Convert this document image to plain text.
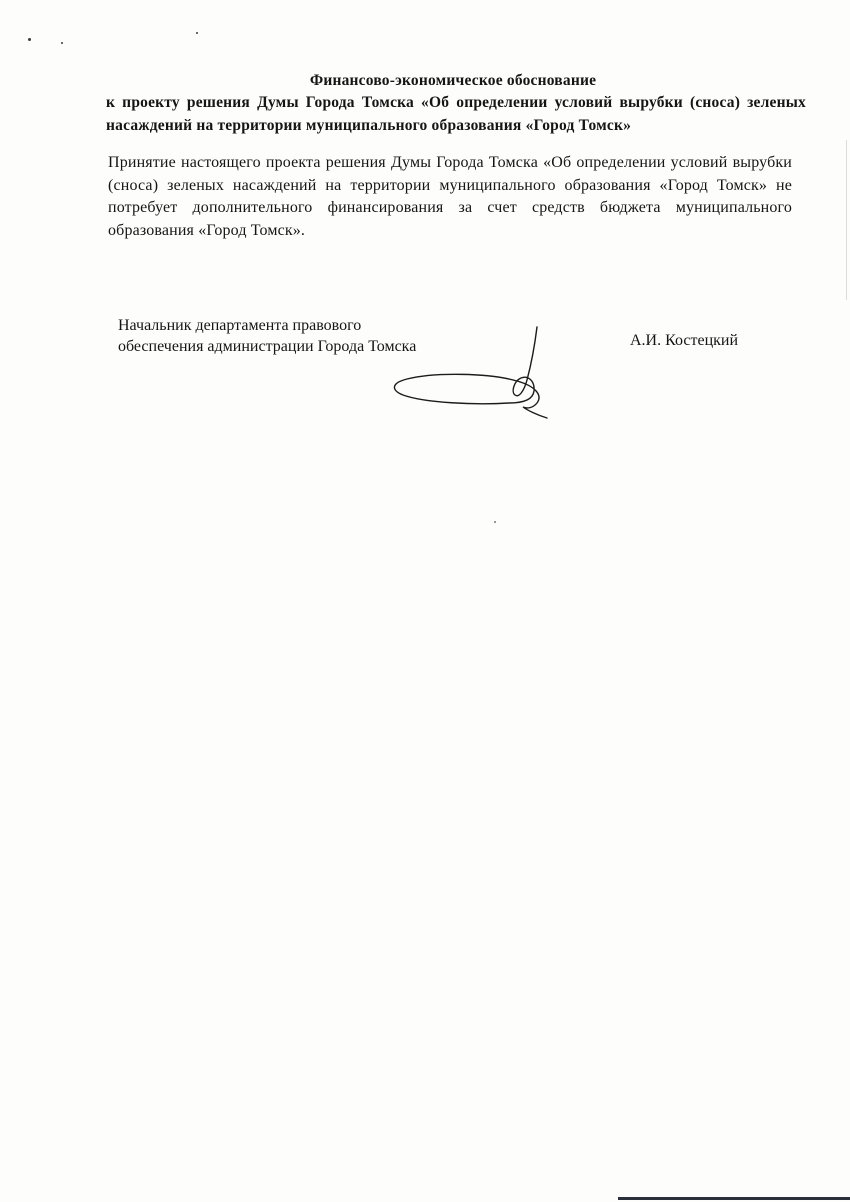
Финансово-экономическое обоснование
к проекту решения Думы Города Томска «Об определении условий вырубки (сноса) зеленых насаждений на территории муниципального образования «Город Томск»
Принятие настоящего проекта решения Думы Города Томска «Об определении условий вырубки (сноса) зеленых насаждений на территории муниципального образования «Город Томск» не потребует дополнительного финансирования за счет средств бюджета муниципального образования «Город Томск».
Начальник департамента правового
обеспечения администрации Города Томска	А.И. Костецкий
